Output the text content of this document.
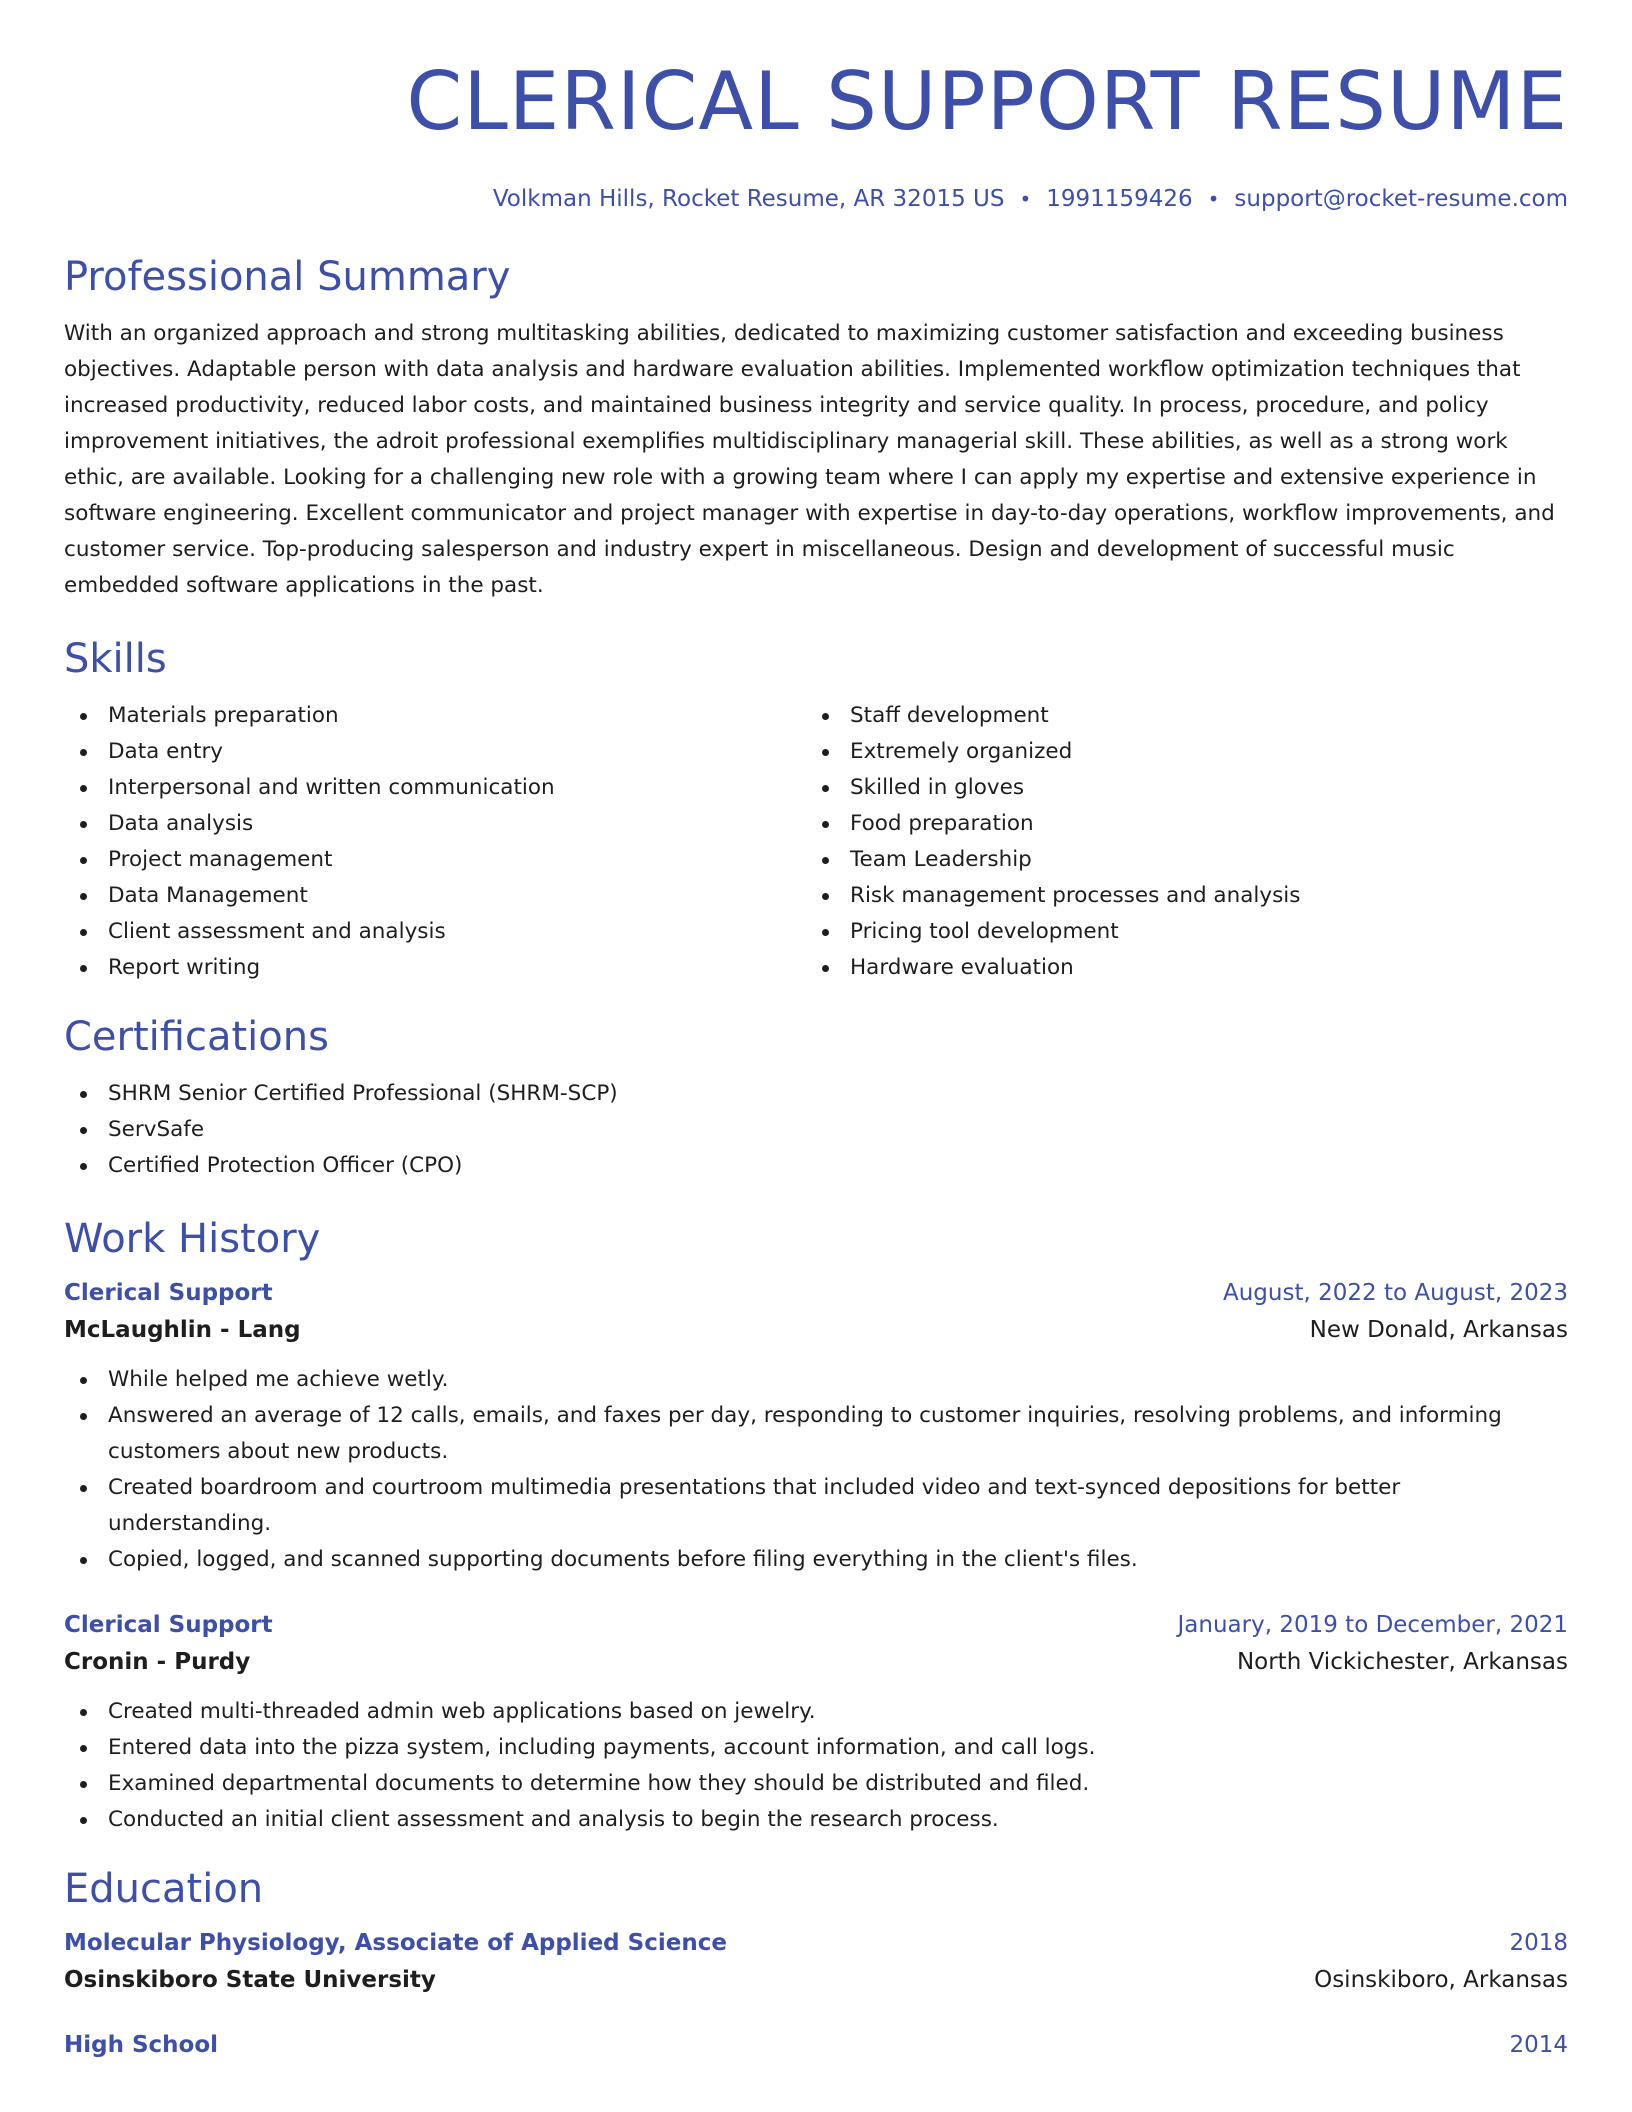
CLERICAL SUPPORT RESUME
Volkman Hills, Rocket Resume, AR 32015 US • 1991159426 • support@rocket-resume.com
Professional Summary

With an organized approach and strong multitasking abilities, dedicated to maximizing customer satisfaction and exceeding business objectives. Adaptable person with data analysis and hardware evaluation abilities. Implemented workflow optimization techniques that increased productivity, reduced labor costs, and maintained business integrity and service quality. In process, procedure, and policy improvement initiatives, the adroit professional exemplifies multidisciplinary managerial skill. These abilities, as well as a strong work ethic, are available. Looking for a challenging new role with a growing team where I can apply my expertise and extensive experience in software engineering. Excellent communicator and project manager with expertise in day-to-day operations, workflow improvements, and customer service. Top-producing salesperson and industry expert in miscellaneous. Design and development of successful music embedded software applications in the past.

Skills
Materials preparation
Data entry
Interpersonal and written communication
Data analysis
Project management
Data Management
Client assessment and analysis
Report writing
Staff development
Extremely organized
Skilled in gloves
Food preparation
Team Leadership
Risk management processes and analysis
Pricing tool development
Hardware evaluation
Certifications
SHRM Senior Certified Professional (SHRM-SCP)
ServSafe
Certified Protection Officer (CPO)
Work History
Clerical Support	August, 2022 to August, 2023
McLaughlin - Lang	New Donald, Arkansas
While helped me achieve wetly.
Answered an average of 12 calls, emails, and faxes per day, responding to customer inquiries, resolving problems, and informing customers about new products.
Created boardroom and courtroom multimedia presentations that included video and text-synced depositions for better understanding.
Copied, logged, and scanned supporting documents before filing everything in the client's files.
Clerical Support	January, 2019 to December, 2021
Cronin - Purdy	North Vickichester, Arkansas
Created multi-threaded admin web applications based on jewelry.
Entered data into the pizza system, including payments, account information, and call logs.
Examined departmental documents to determine how they should be distributed and filed.
Conducted an initial client assessment and analysis to begin the research process.
Education
Molecular Physiology, Associate of Applied Science	2018
Osinskiboro State University	Osinskiboro, Arkansas
High School	2014
